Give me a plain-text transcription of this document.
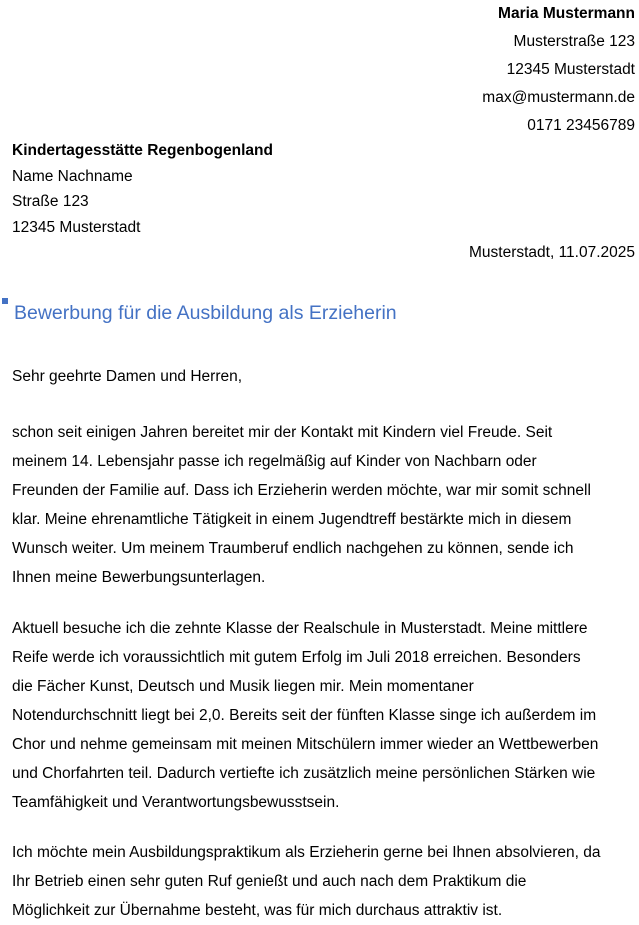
Maria Mustermann
Musterstraße 123
12345 Musterstadt
max@mustermann.de
0171 23456789
Kindertagesstätte Regenbogenland
Name Nachname
Straße 123
12345 Musterstadt
Musterstadt, 11.07.2025
Bewerbung für die Ausbildung als Erzieherin
Sehr geehrte Damen und Herren,
schon seit einigen Jahren bereitet mir der Kontakt mit Kindern viel Freude. Seit
meinem 14. Lebensjahr passe ich regelmäßig auf Kinder von Nachbarn oder
Freunden der Familie auf. Dass ich Erzieherin werden möchte, war mir somit schnell
klar. Meine ehrenamtliche Tätigkeit in einem Jugendtreff bestärkte mich in diesem
Wunsch weiter. Um meinem Traumberuf endlich nachgehen zu können, sende ich
Ihnen meine Bewerbungsunterlagen.
Aktuell besuche ich die zehnte Klasse der Realschule in Musterstadt. Meine mittlere
Reife werde ich voraussichtlich mit gutem Erfolg im Juli 2018 erreichen. Besonders
die Fächer Kunst, Deutsch und Musik liegen mir. Mein momentaner
Notendurchschnitt liegt bei 2,0. Bereits seit der fünften Klasse singe ich außerdem im
Chor und nehme gemeinsam mit meinen Mitschülern immer wieder an Wettbewerben
und Chorfahrten teil. Dadurch vertiefte ich zusätzlich meine persönlichen Stärken wie
Teamfähigkeit und Verantwortungsbewusstsein.
Ich möchte mein Ausbildungspraktikum als Erzieherin gerne bei Ihnen absolvieren, da
Ihr Betrieb einen sehr guten Ruf genießt und auch nach dem Praktikum die
Möglichkeit zur Übernahme besteht, was für mich durchaus attraktiv ist.
